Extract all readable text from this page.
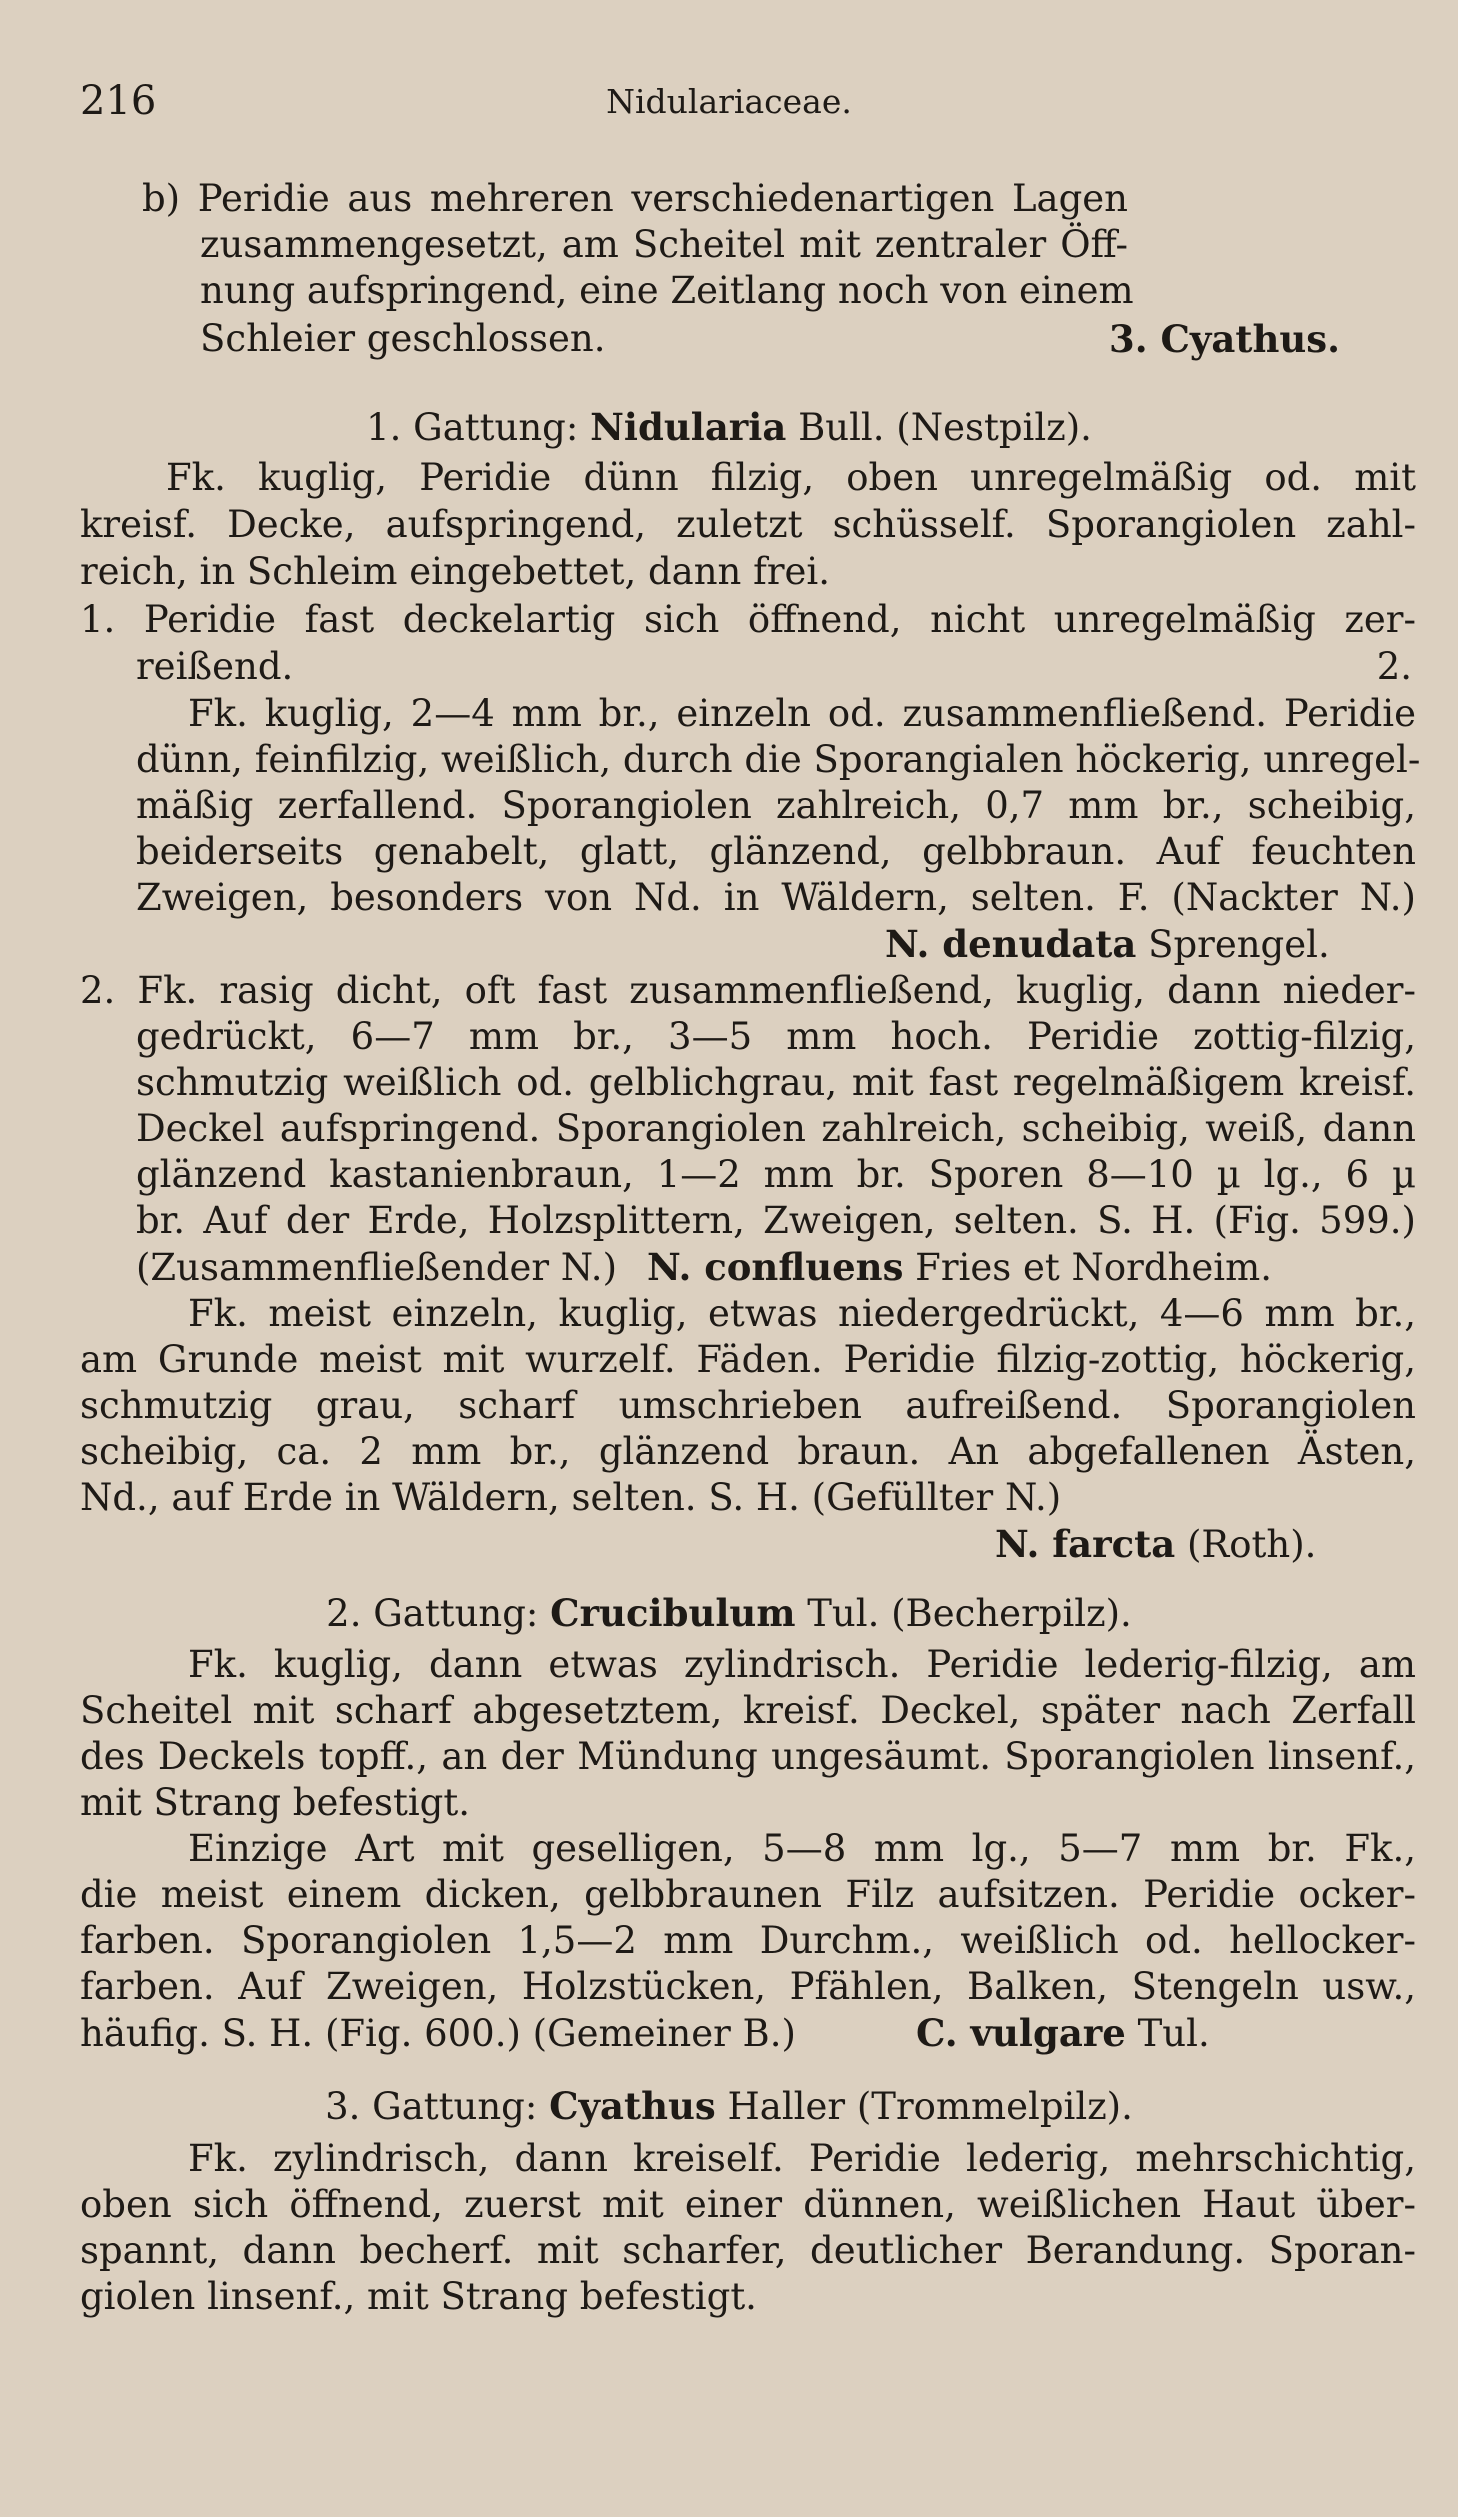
216	Nidulariaceae.
b) Peridie aus mehreren verschiedenartigen Lagen
zusammengesetzt, am Scheitel mit zentraler Öff-
nung aufspringend, eine Zeitlang noch von einem
Schleier geschlossen.	3. Cyathus.
1. Gattung: Nidularia Bull. (Nestpilz).
Fk. kuglig, Peridie dünn filzig, oben unregelmäßig od. mit
kreisf. Decke, aufspringend, zuletzt schüsself. Sporangiolen zahl-
reich, in Schleim eingebettet, dann frei.
1. Peridie fast deckelartig sich öffnend, nicht unregelmäßig zer-
reißend.	2.
Fk. kuglig, 2—4 mm br., einzeln od. zusammenfließend. Peridie
dünn, feinfilzig, weißlich, durch die Sporangialen höckerig, unregel-
mäßig zerfallend. Sporangiolen zahlreich, 0,7 mm br., scheibig,
beiderseits genabelt, glatt, glänzend, gelbbraun. Auf feuchten
Zweigen, besonders von Nd. in Wäldern, selten. F. (Nackter N.)
N. denudata Sprengel.
2. Fk. rasig dicht, oft fast zusammenfließend, kuglig, dann nieder-
gedrückt, 6—7 mm br., 3—5 mm hoch. Peridie zottig-filzig,
schmutzig weißlich od. gelblichgrau, mit fast regelmäßigem kreisf.
Deckel aufspringend. Sporangiolen zahlreich, scheibig, weiß, dann
glänzend kastanienbraun, 1—2 mm br. Sporen 8—10 µ lg., 6 µ
br. Auf der Erde, Holzsplittern, Zweigen, selten. S. H. (Fig. 599.)
(Zusammenfließender N.) N. confluens Fries et Nordheim.
Fk. meist einzeln, kuglig, etwas niedergedrückt, 4—6 mm br.,
am Grunde meist mit wurzelf. Fäden. Peridie filzig-zottig, höckerig,
schmutzig grau, scharf umschrieben aufreißend. Sporangiolen
scheibig, ca. 2 mm br., glänzend braun. An abgefallenen Ästen,
Nd., auf Erde in Wäldern, selten. S. H. (Gefüllter N.)
N. farcta (Roth).
2. Gattung: Crucibulum Tul. (Becherpilz).
Fk. kuglig, dann etwas zylindrisch. Peridie lederig-filzig, am
Scheitel mit scharf abgesetztem, kreisf. Deckel, später nach Zerfall
des Deckels topff., an der Mündung ungesäumt. Sporangiolen linsenf.,
mit Strang befestigt.
Einzige Art mit geselligen, 5—8 mm lg., 5—7 mm br. Fk.,
die meist einem dicken, gelbbraunen Filz aufsitzen. Peridie ocker-
farben. Sporangiolen 1,5—2 mm Durchm., weißlich od. hellocker-
farben. Auf Zweigen, Holzstücken, Pfählen, Balken, Stengeln usw.,
häufig. S. H. (Fig. 600.) (Gemeiner B.)	C. vulgare Tul.
3. Gattung: Cyathus Haller (Trommelpilz).
Fk. zylindrisch, dann kreiself. Peridie lederig, mehrschichtig,
oben sich öffnend, zuerst mit einer dünnen, weißlichen Haut über-
spannt, dann becherf. mit scharfer, deutlicher Berandung. Sporan-
giolen linsenf., mit Strang befestigt.
